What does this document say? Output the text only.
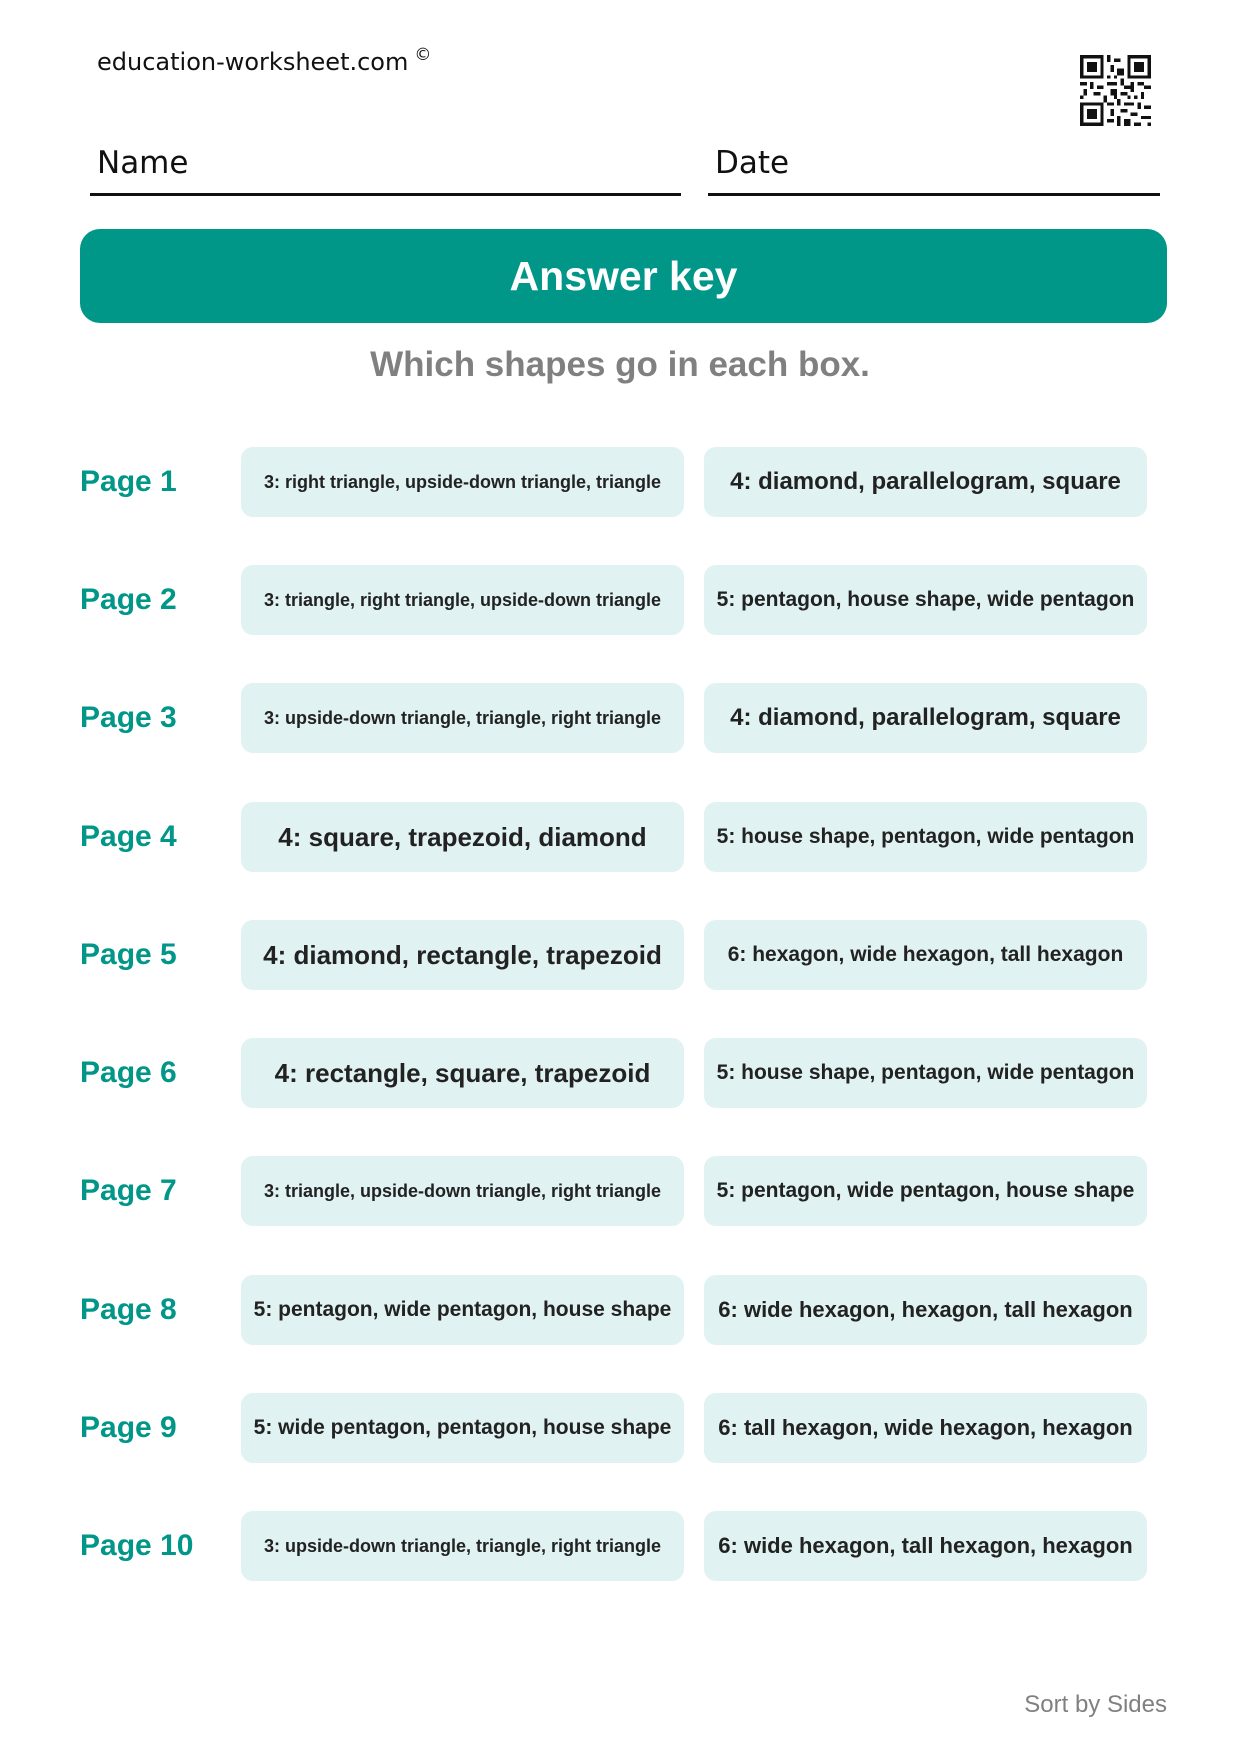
education-worksheet.com ©
Name	Date
Answer key
Which shapes go in each box.
Page 1	3: right triangle, upside-down triangle, triangle	4: diamond, parallelogram, square
Page 2	3: triangle, right triangle, upside-down triangle	5: pentagon, house shape, wide pentagon
Page 3	3: upside-down triangle, triangle, right triangle	4: diamond, parallelogram, square
Page 4	4: square, trapezoid, diamond	5: house shape, pentagon, wide pentagon
Page 5	4: diamond, rectangle, trapezoid	6: hexagon, wide hexagon, tall hexagon
Page 6	4: rectangle, square, trapezoid	5: house shape, pentagon, wide pentagon
Page 7	3: triangle, upside-down triangle, right triangle	5: pentagon, wide pentagon, house shape
Page 8	5: pentagon, wide pentagon, house shape	6: wide hexagon, hexagon, tall hexagon
Page 9	5: wide pentagon, pentagon, house shape	6: tall hexagon, wide hexagon, hexagon
Page 10	3: upside-down triangle, triangle, right triangle	6: wide hexagon, tall hexagon, hexagon
Sort by Sides
